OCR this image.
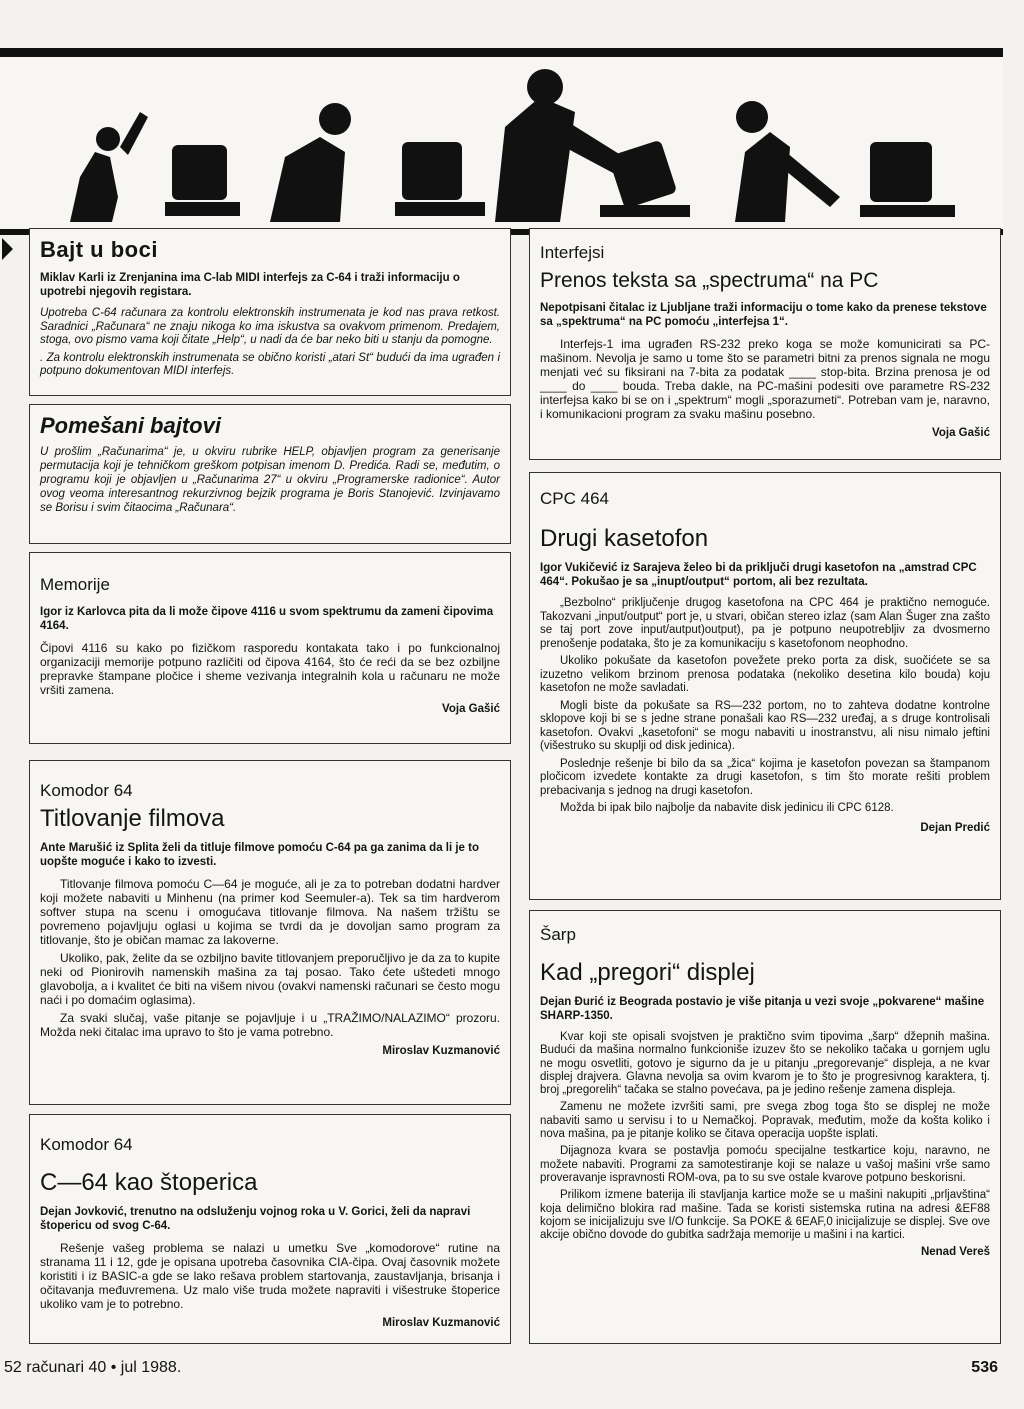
Bajt u boci

Miklav Karli iz Zrenjanina ima C-lab MIDI interfejs za C-64 i traži informaciju o upotrebi njegovih registara.

Upotreba C-64 računara za kontrolu elektronskih instrumenata je kod nas prava retkost. Saradnici „Računara“ ne znaju nikoga ko ima iskustva sa ovakvom primenom. Predajem, stoga, ovo pismo vama koji čitate „Help“, u nadi da će bar neko biti u stanju da pomogne.

. Za kontrolu elektronskih instrumenata se obično koristi „atari St“ budući da ima ugrađen i potpuno dokumentovan MIDI interfejs.

Pomešani bajtovi

U prošlim „Računarima“ je, u okviru rubrike HELP, objavljen program za generisanje permutacija koji je tehničkom greškom potpisan imenom D. Predića. Radi se, međutim, o programu koji je objavljen u „Računarima 27“ u okviru „Programerske radionice“. Autor ovog veoma interesantnog rekurzivnog bejzik programa je Boris Stanojević. Izvinjavamo se Borisu i svim čitaocima „Računara“.

Memorije

Igor iz Karlovca pita da li može čipove 4116 u svom spektrumu da zameni čipovima 4164.

Čipovi 4116 su kako po fizičkom rasporedu kontakata tako i po funkcionalnoj organizaciji memorije potpuno različiti od čipova 4164, što će reći da se bez ozbiljne prepravke štampane pločice i sheme vezivanja integralnih kola u računaru ne može vršiti zamena.

Voja Gašić
Komodor 64
Titlovanje filmova

Ante Marušić iz Splita želi da titluje filmove pomoću C-64 pa ga zanima da li je to uopšte moguće i kako to izvesti.

Titlovanje filmova pomoću C—64 je moguće, ali je za to potreban dodatni hardver koji možete nabaviti u Minhenu (na primer kod Seemuler-a). Tek sa tim hardverom softver stupa na scenu i omogućava titlovanje filmova. Na našem tržištu se povremeno pojavljuju oglasi u kojima se tvrdi da je dovoljan samo program za titlovanje, što je običan mamac za lakoverne.

Ukoliko, pak, želite da se ozbiljno bavite titlovanjem preporučljivo je da za to kupite neki od Pionirovih namenskih mašina za taj posao. Tako ćete uštedeti mnogo glavobolja, a i kvalitet će biti na višem nivou (ovakvi namenski računari se često mogu naći i po domaćim oglasima).

Za svaki slučaj, vaše pitanje se pojavljuje i u „TRAŽIMO/NALAZIMO“ prozoru. Možda neki čitalac ima upravo to što je vama potrebno.

Miroslav Kuzmanović
Komodor 64
C—64 kao štoperica

Dejan Jovković, trenutno na odsluženju vojnog roka u V. Gorici, želi da napravi štopericu od svog C-64.

Rešenje vašeg problema se nalazi u umetku Sve „komodorove“ rutine na stranama 11 i 12, gde je opisana upotreba časovnika CIA-čipa. Ovaj časovnik možete koristiti i iz BASIC-a gde se lako rešava problem startovanja, zaustavljanja, brisanja i očitavanja međuvremena. Uz malo više truda možete napraviti i višestruke štoperice ukoliko vam je to potrebno.

Miroslav Kuzmanović
Interfejsi
Prenos teksta sa „spectruma“ na PC

Nepotpisani čitalac iz Ljubljane traži informaciju o tome kako da prenese tekstove sa „spektruma“ na PC pomoću „interfejsa 1“.

Interfejs-1 ima ugrađen RS-232 preko koga se može komunicirati sa PC-mašinom. Nevolja je samo u tome što se parametri bitni za prenos signala ne mogu menjati već su fiksirani na 7-bita za podatak ____ stop-bita. Brzina prenosa je od ____ do ____ bouda. Treba dakle, na PC-mašini podesiti ove parametre RS-232 interfejsa kako bi se on i „spektrum“ mogli „sporazumeti“. Potreban vam je, naravno, i komunikacioni program za svaku mašinu posebno.

Voja Gašić
CPC 464
Drugi kasetofon

Igor Vukičević iz Sarajeva želeo bi da priključi drugi kasetofon na „amstrad CPC 464“. Pokušao je sa „inupt/output“ portom, ali bez rezultata.

„Bezbolno“ priključenje drugog kasetofona na CPC 464 je praktično nemoguće. Takozvani „input/output“ port je, u stvari, običan stereo izlaz (sam Alan Šuger zna zašto se taj port zove input/autput)output), pa je potpuno neupotrebljiv za dvosmerno prenošenje podataka, što je za komunikaciju s kasetofonom neophodno.

Ukoliko pokušate da kasetofon povežete preko porta za disk, suočićete se sa izuzetno velikom brzinom prenosa podataka (nekoliko desetina kilo bouda) koju kasetofon ne može savladati.

Mogli biste da pokušate sa RS—232 portom, no to zahteva dodatne kontrolne sklopove koji bi se s jedne strane ponašali kao RS—232 uređaj, a s druge kontrolisali kasetofon. Ovakvi „kasetofoni“ se mogu nabaviti u inostranstvu, ali nisu nimalo jeftini (višestruko su skuplji od disk jedinica).

Poslednje rešenje bi bilo da sa „žica“ kojima je kasetofon povezan sa štampanom pločicom izvedete kontakte za drugi kasetofon, s tim što morate rešiti problem prebacivanja s jednog na drugi kasetofon.

Možda bi ipak bilo najbolje da nabavite disk jedinicu ili CPC 6128.

Dejan Predić
Šarp
Kad „pregori“ displej

Dejan Đurić iz Beograda postavio je više pitanja u vezi svoje „pokvarene“ mašine SHARP-1350.

Kvar koji ste opisali svojstven je praktično svim tipovima „šarp“ džepnih mašina. Budući da mašina normalno funkcioniše izuzev što se nekoliko tačaka u gornjem uglu ne mogu osvetliti, gotovo je sigurno da je u pitanju „pregorevanje“ displeja, a ne kvar displej drajvera. Glavna nevolja sa ovim kvarom je to što je progresivnog karaktera, tj. broj „pregorelih“ tačaka se stalno povećava, pa je jedino rešenje zamena displeja.

Zamenu ne možete izvršiti sami, pre svega zbog toga što se displej ne može nabaviti samo u servisu i to u Nemačkoj. Popravak, međutim, može da košta koliko i nova mašina, pa je pitanje koliko se čitava operacija uopšte isplati.

Dijagnoza kvara se postavlja pomoću specijalne testkartice koju, naravno, ne možete nabaviti. Programi za samotestiranje koji se nalaze u vašoj mašini vrše samo proveravanje ispravnosti ROM-ova, pa to su sve ostale kvarove potpuno beskorisni.

Prilikom izmene baterija ili stavljanja kartice može se u mašini nakupiti „prljavština“ koja delimično blokira rad mašine. Tada se koristi sistemska rutina na adresi &EF88 kojom se inicijalizuju sve I/O funkcije. Sa POKE & 6EAF,0 inicijalizuje se displej. Sve ove akcije obično dovode do gubitka sadržaja memorije u mašini i na kartici.

Nenad Vereš
52 računari 40 • jul 1988.	536
